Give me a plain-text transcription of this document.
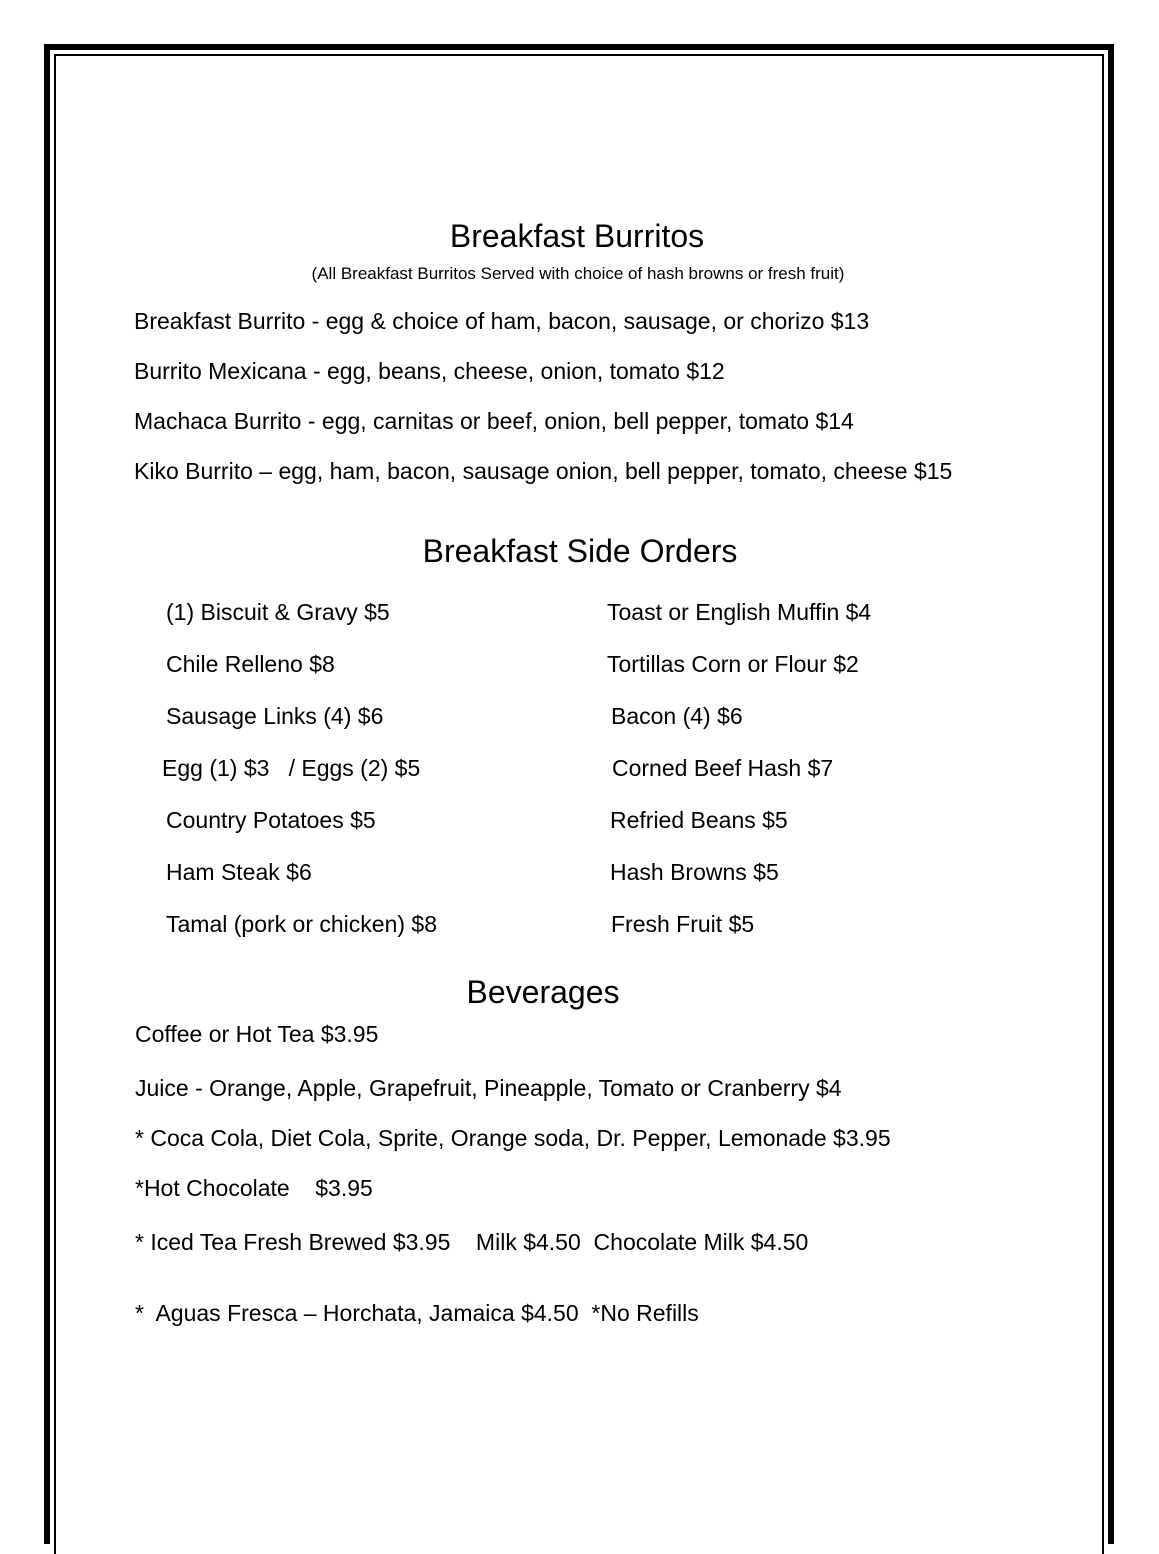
Breakfast Burritos

(All Breakfast Burritos Served with choice of hash browns or fresh fruit)

Breakfast Burrito - egg & choice of ham, bacon, sausage, or chorizo $13

Burrito Mexicana - egg, beans, cheese, onion, tomato $12

Machaca Burrito - egg, carnitas or beef, onion, bell pepper, tomato $14

Kiko Burrito – egg, ham, bacon, sausage onion, bell pepper, tomato, cheese $15

Breakfast Side Orders

(1) Biscuit & Gravy $5

Chile Relleno $8

Sausage Links (4) $6

Egg (1) $3   / Eggs (2) $5

Country Potatoes $5

Ham Steak $6

Tamal (pork or chicken) $8

Toast or English Muffin $4

Tortillas Corn or Flour $2

Bacon (4) $6

Corned Beef Hash $7

Refried Beans $5

Hash Browns $5

Fresh Fruit $5

Beverages

Coffee or Hot Tea $3.95

Juice - Orange, Apple, Grapefruit, Pineapple, Tomato or Cranberry $4

* Coca Cola, Diet Cola, Sprite, Orange soda, Dr. Pepper, Lemonade $3.95

*Hot Chocolate    $3.95

* Iced Tea Fresh Brewed $3.95    Milk $4.50  Chocolate Milk $4.50

*  Aguas Fresca – Horchata, Jamaica $4.50  *No Refills
